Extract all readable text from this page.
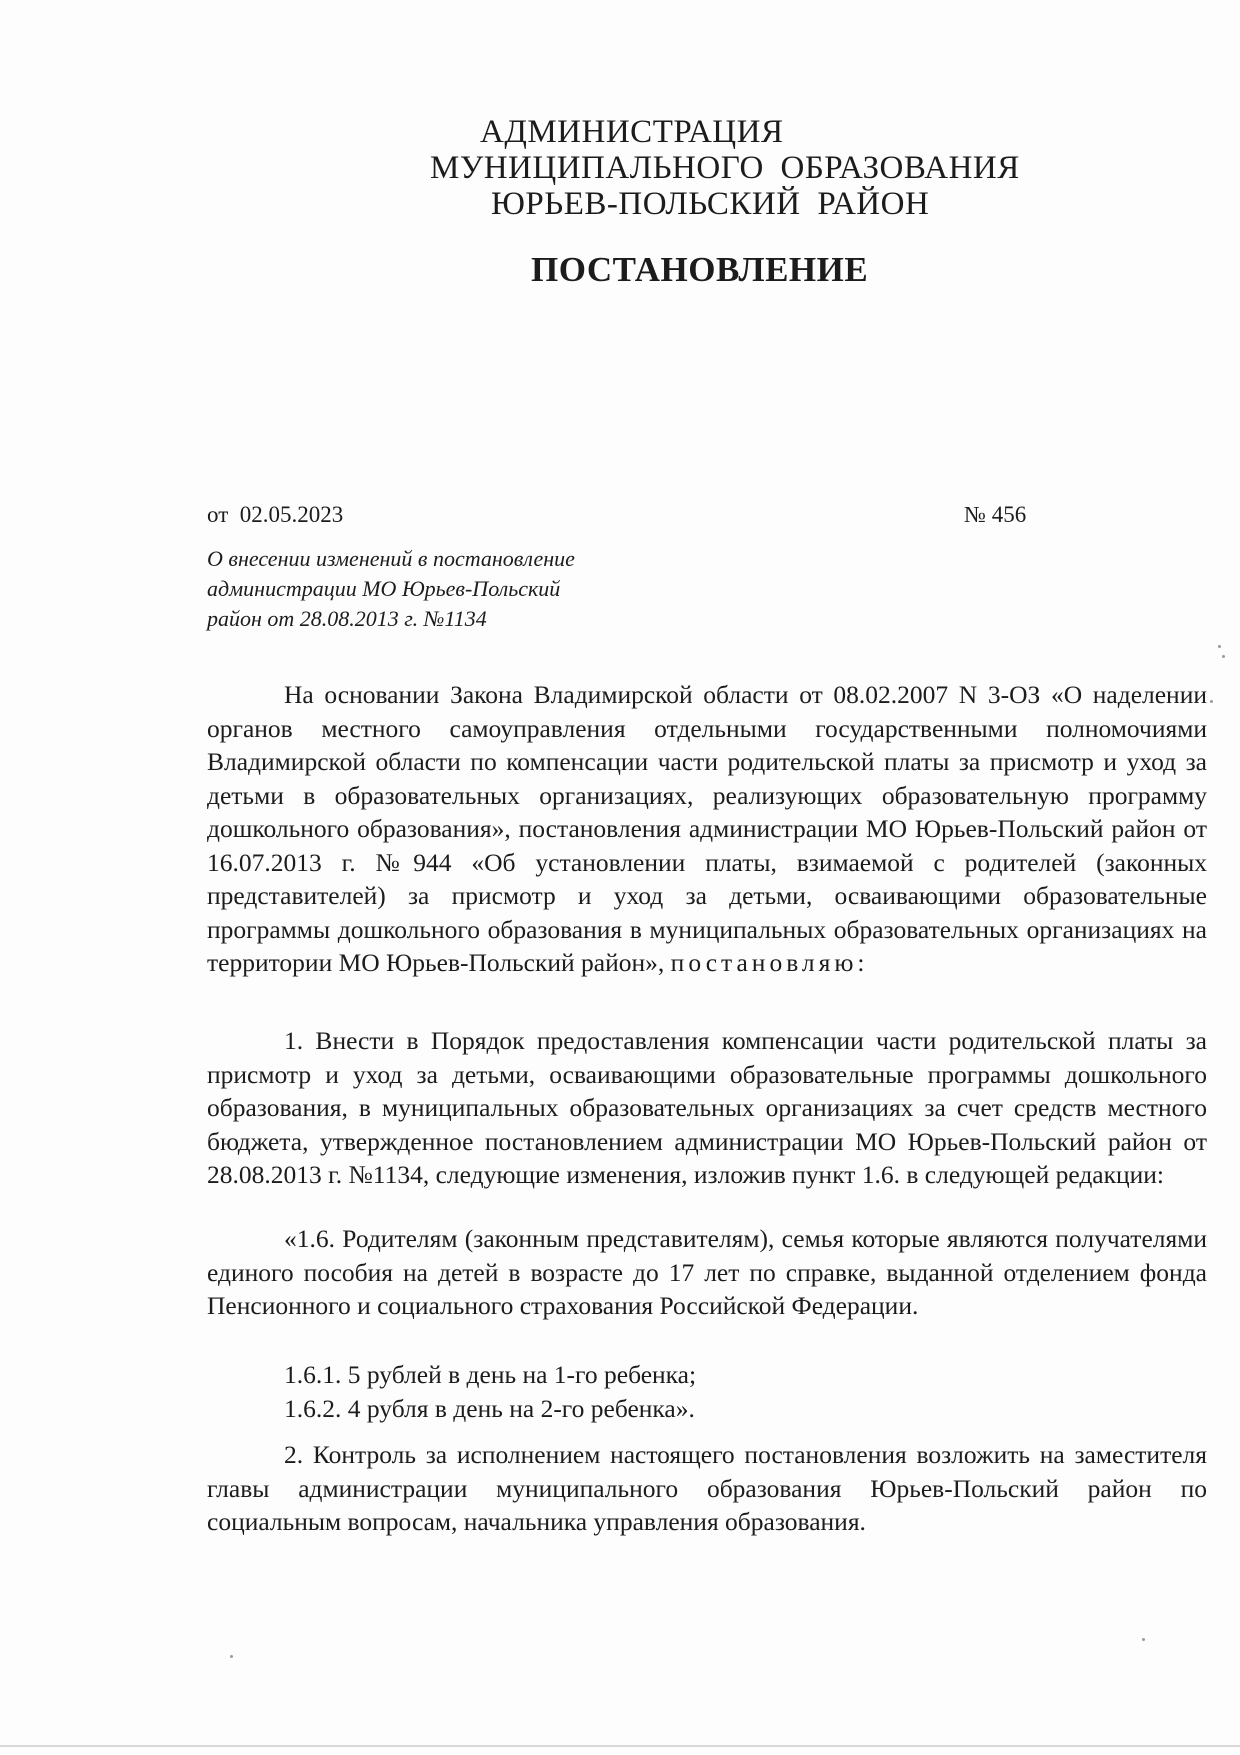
АДМИНИСТРАЦИЯ
МУНИЦИПАЛЬНОГО ОБРАЗОВАНИЯ
ЮРЬЕВ-ПОЛЬСКИЙ РАЙОН
ПОСТАНОВЛЕНИЕ
от 02.05.2023	№ 456
О внесении изменений в постановление
администрации МО Юрьев-Польский
район от 28.08.2013 г. №1134
На основании Закона Владимирской области от 08.02.2007 N 3-ОЗ «О наделении органов местного самоуправления отдельными государственными полномочиями Владимирской области по компенсации части родительской платы за присмотр и уход за детьми в образовательных организациях, реализующих образовательную программу дошкольного образования», постановления администрации МО Юрьев-Польский район от 16.07.2013 г. №944 «Об установлении платы, взимаемой с родителей (законных представителей) за присмотр и уход за детьми, осваивающими образовательные программы дошкольного образования в муниципальных образовательных организациях на территории МО Юрьев-Польский район», постановляю:
1. Внести в Порядок предоставления компенсации части родительской платы за присмотр и уход за детьми, осваивающими образовательные программы дошкольного образования, в муниципальных образовательных организациях за счет средств местного бюджета, утвержденное постановлением администрации МО Юрьев-Польский район от 28.08.2013 г. №1134, следующие изменения, изложив пункт 1.6. в следующей редакции:
«1.6. Родителям (законным представителям), семья которые являются получателями единого пособия на детей в возрасте до 17 лет по справке, выданной отделением фонда Пенсионного и социального страхования Российской Федерации.
1.6.1. 5 рублей в день на 1-го ребенка;
1.6.2. 4 рубля в день на 2-го ребенка».
2. Контроль за исполнением настоящего постановления возложить на заместителя главы администрации муниципального образования Юрьев-Польский район по социальным вопросам, начальника управления образования.
